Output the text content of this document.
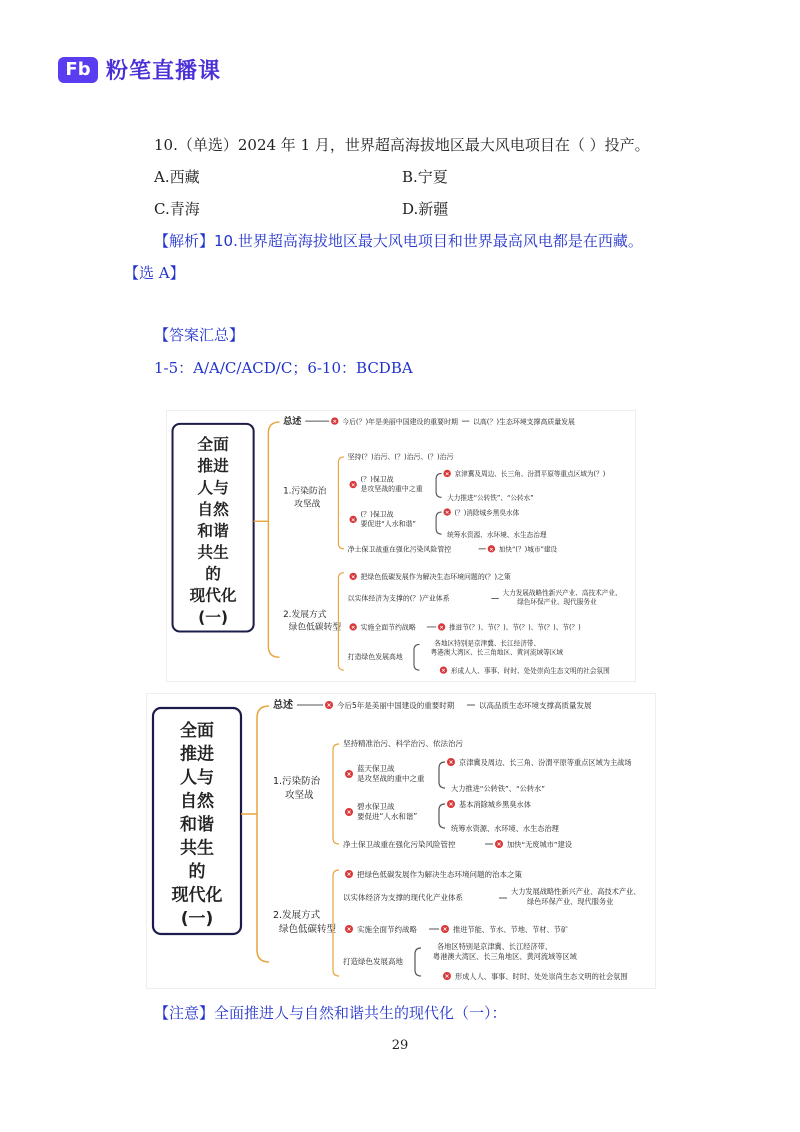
Fb 粉笔直播课
10.（单选）2024 年 1 月，世界超高海拔地区最大风电项目在（ ）投产。
A.西藏	B.宁夏
C.青海	D.新疆
【解析】10.世界超高海拔地区最大风电项目和世界最高风电都是在西藏。
【选 A】
【答案汇总】
1-5：A/A/C/ACD/C；6-10：BCDBA
全面
推进
人与
自然
和谐
共生
的
现代化
(一)
总述	× 今后(？)年是美丽中国建设的重要时期 以高(？)生态环境支撑高质量发展
1.污染防治
攻坚战
坚持(？)治污、(？)治污、(？)治污
×
(？)保卫战
是攻坚战的重中之重
× 京津冀及周边、长三角、汾渭平原等重点区域为(？)
大力推进“公转铁”、“公转水”
×
(？)保卫战
要促进“人水和谐”
× (？)消除城乡黑臭水体
统筹水资源、水环境、水生态治理
净土保卫战重在强化污染风险管控	× 加快“(？)城市”建设
2.发展方式
绿色低碳转型
× 把绿色低碳发展作为解决生态环境问题的(？)之策
以实体经济为支撑的(？)产业体系
大力发展战略性新兴产业、高技术产业、
绿色环保产业、现代服务业
× 实施全面节约战略	× 推进节(？)、节(？)、节(？)、节(？)、节(？)
打造绿色发展高地
各地区特别是京津冀、长江经济带、
粤港澳大湾区、长三角地区、黄河流域等区域
× 形成人人、事事、时时、处处崇尚生态文明的社会氛围
全面
推进
人与
自然
和谐
共生
的
现代化
(一)
总述	× 今后5年是美丽中国建设的重要时期	以高品质生态环境支撑高质量发展
1.污染防治
攻坚战
坚持精准治污、科学治污、依法治污
×
蓝天保卫战
是攻坚战的重中之重
× 京津冀及周边、长三角、汾渭平原等重点区域为主战场
大力推进“公转铁”、“公转水”
×
碧水保卫战
要促进“人水和谐”
× 基本消除城乡黑臭水体
统筹水资源、水环境、水生态治理
净土保卫战重在强化污染风险管控	× 加快“无废城市”建设
2.发展方式
绿色低碳转型
× 把绿色低碳发展作为解决生态环境问题的治本之策
以实体经济为支撑的现代化产业体系
大力发展战略性新兴产业、高技术产业、
绿色环保产业、现代服务业
× 实施全面节约战略	× 推进节能、节水、节地、节材、节矿
打造绿色发展高地
各地区特别是京津冀、长江经济带、
粤港澳大湾区、长三角地区、黄河流域等区域
× 形成人人、事事、时时、处处崇尚生态文明的社会氛围
【注意】全面推进人与自然和谐共生的现代化（一）：
29
